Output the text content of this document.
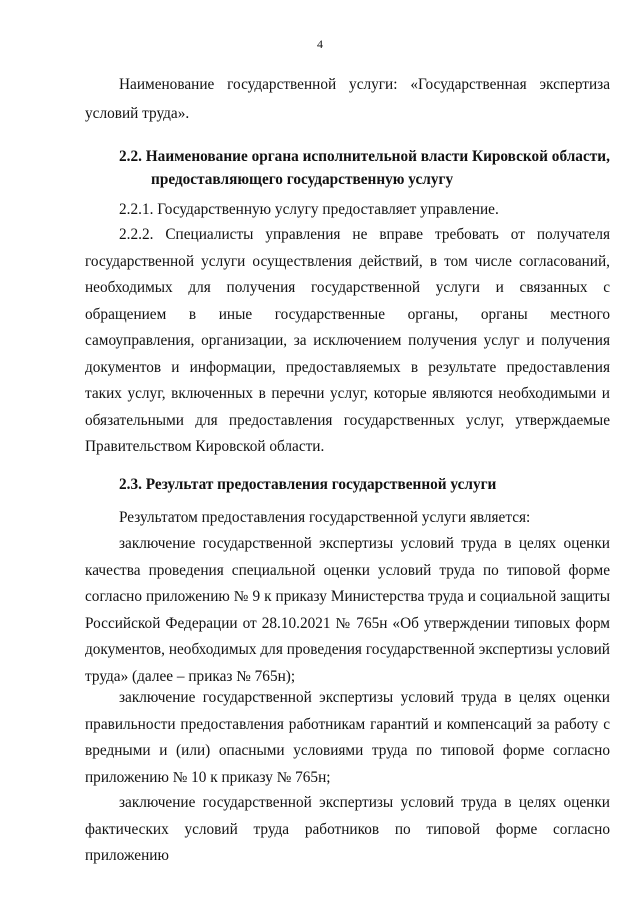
4

Наименование государственной услуги: «Государственная экспертиза условий труда».

2.2. Наименование органа исполнительной власти Кировской области,
предоставляющего государственную услугу

2.2.1. Государственную услугу предоставляет управление.

2.2.2. Специалисты управления не вправе требовать от получателя государственной услуги осуществления действий, в том числе согласований, необходимых для получения государственной услуги и связанных с обращением в иные государственные органы, органы местного самоуправления, организации, за исключением получения услуг и получения документов и информации, предоставляемых в результате предоставления таких услуг, включенных в перечни услуг, которые являются необходимыми и обязательными для предоставления государственных услуг, утверждаемые Правительством Кировской области.

2.3. Результат предоставления государственной услуги

Результатом предоставления государственной услуги является:

заключение государственной экспертизы условий труда в целях оценки качества проведения специальной оценки условий труда по типовой форме согласно приложению № 9 к приказу Министерства труда и социальной защиты Российской Федерации от 28.10.2021 № 765н «Об утверждении типовых форм документов, необходимых для проведения государственной экспертизы условий труда» (далее – приказ № 765н);

заключение государственной экспертизы условий труда в целях оценки правильности предоставления работникам гарантий и компенсаций за работу с вредными и (или) опасными условиями труда по типовой форме согласно приложению № 10 к приказу № 765н;

заключение государственной экспертизы условий труда в целях оценки фактических условий труда работников по типовой форме согласно приложению
